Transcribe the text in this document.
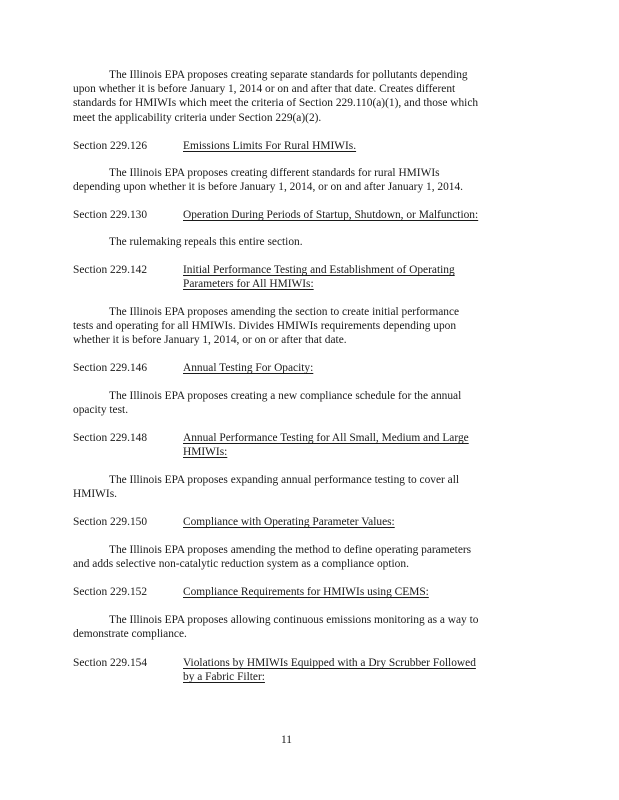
The Illinois EPA proposes creating separate standards for pollutants depending
upon whether it is before January 1, 2014 or on and after that date. Creates different
standards for HMIWIs which meet the criteria of Section 229.110(a)(1), and those which
meet the applicability criteria under Section 229(a)(2).

Section 229.126	Emissions Limits For Rural HMIWIs.

The Illinois EPA proposes creating different standards for rural HMIWIs
depending upon whether it is before January 1, 2014, or on and after January 1, 2014.

Section 229.130	Operation During Periods of Startup, Shutdown, or Malfunction:

The rulemaking repeals this entire section.

Section 229.142	Initial Performance Testing and Establishment of Operating
Parameters for All HMIWIs:

The Illinois EPA proposes amending the section to create initial performance
tests and operating for all HMIWIs. Divides HMIWIs requirements depending upon
whether it is before January 1, 2014, or on or after that date.

Section 229.146	Annual Testing For Opacity:

The Illinois EPA proposes creating a new compliance schedule for the annual
opacity test.

Section 229.148	Annual Performance Testing for All Small, Medium and Large
HMIWIs:

The Illinois EPA proposes expanding annual performance testing to cover all
HMIWIs.

Section 229.150	Compliance with Operating Parameter Values:

The Illinois EPA proposes amending the method to define operating parameters
and adds selective non-catalytic reduction system as a compliance option.

Section 229.152	Compliance Requirements for HMIWIs using CEMS:

The Illinois EPA proposes allowing continuous emissions monitoring as a way to
demonstrate compliance.

Section 229.154	Violations by HMIWIs Equipped with a Dry Scrubber Followed
by a Fabric Filter:
11
